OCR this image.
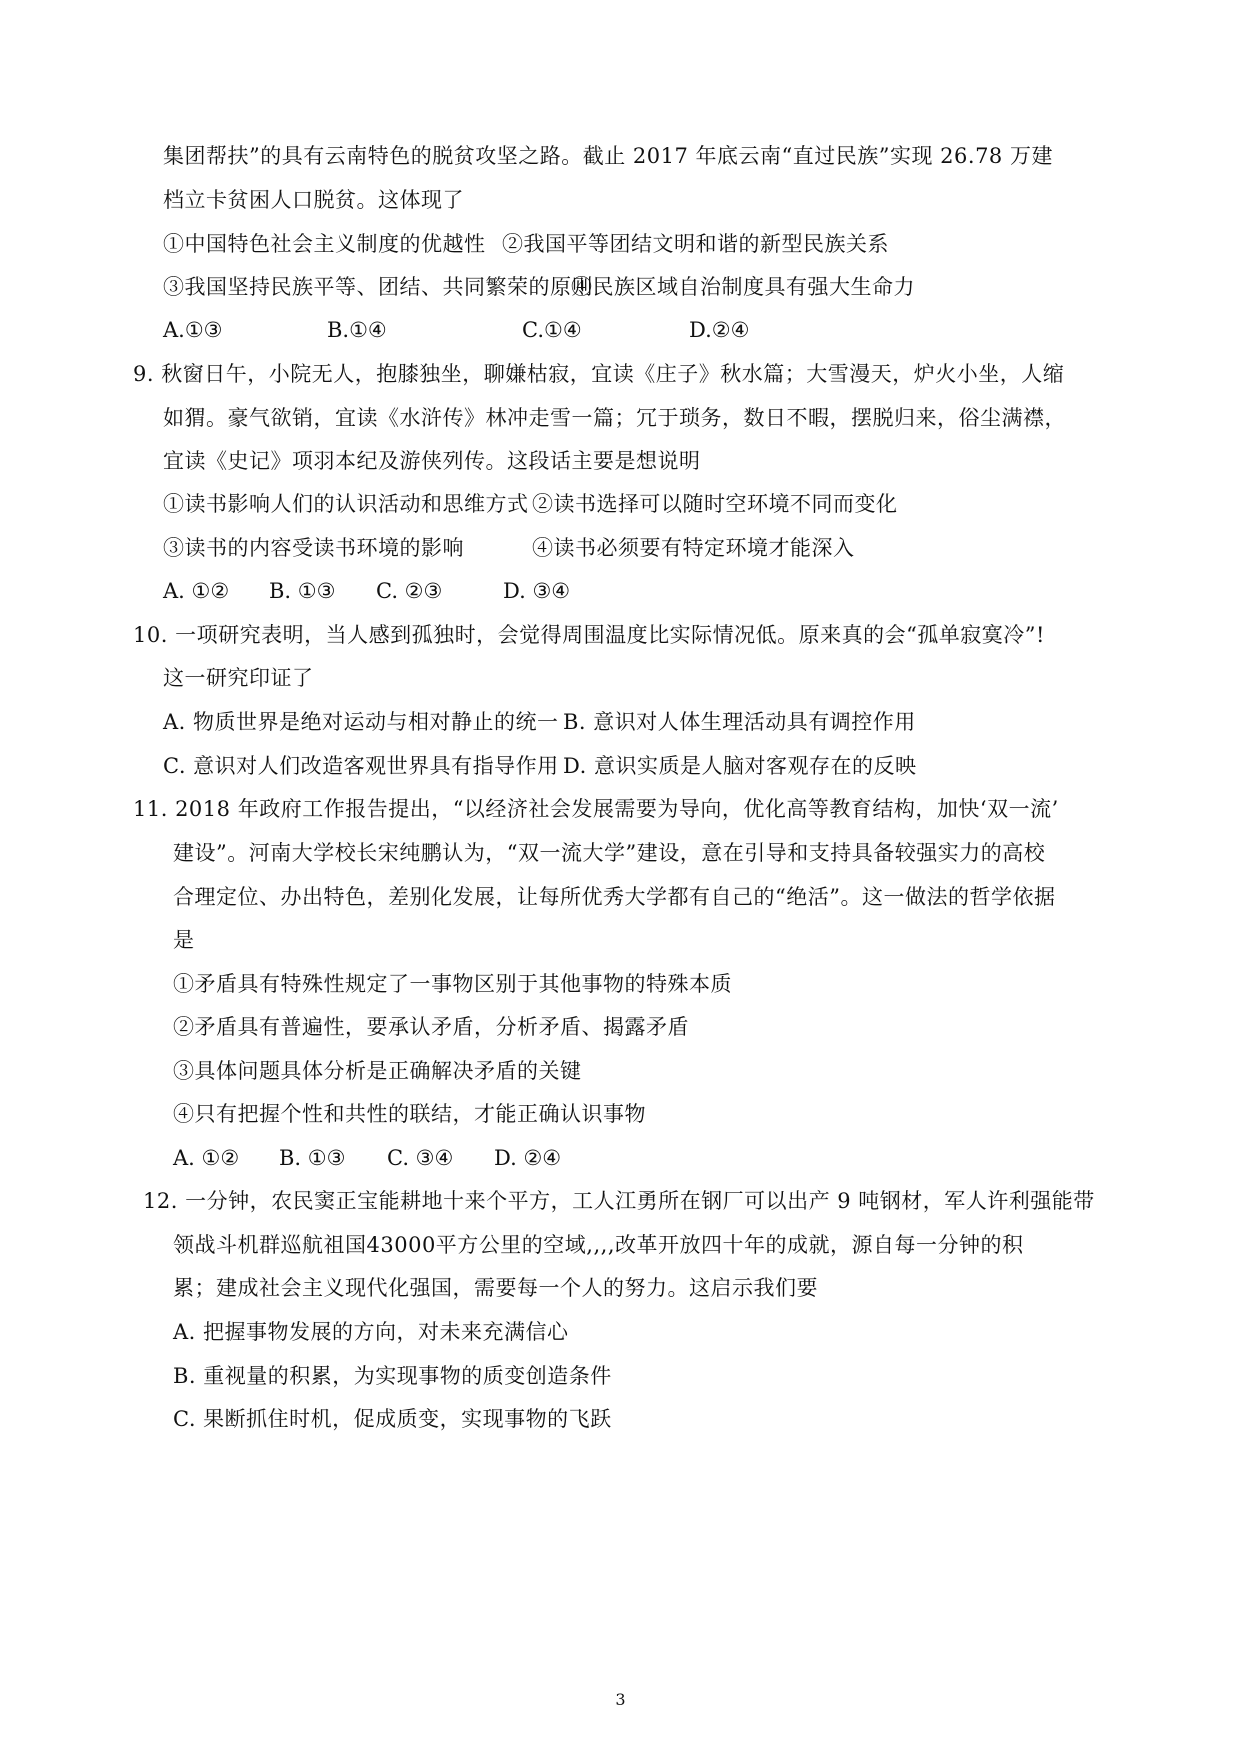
集团帮扶”的具有云南特色的脱贫攻坚之路。截止 2017 年底云南“直过民族”实现 26.78 万建
档立卡贫困人口脱贫。这体现了
①中国特色社会主义制度的优越性 ②我国平等团结文明和谐的新型民族关系
③我国坚持民族平等、团结、共同繁荣的原则
④民族区域自治制度具有强大生命力
A.①③	B.①④	C.①④	D.②④
9. 秋窗日午，小院无人，抱膝独坐，聊嫌枯寂，宜读《庄子》秋水篇；大雪漫天，炉火小坐，人缩
如猬。豪气欲销，宜读《水浒传》林冲走雪一篇；冗于琐务，数日不暇，摆脱归来，俗尘满襟，
宜读《史记》项羽本纪及游侠列传。这段话主要是想说明
①读书影响人们的认识活动和思维方式 ②读书选择可以随时空环境不同而变化
③读书的内容受读书环境的影响	④读书必须要有特定环境才能深入
A. ①② B. ①③ C. ②③	D. ③④
10. 一项研究表明，当人感到孤独时，会觉得周围温度比实际情况低。原来真的会“孤单寂寞冷”!
这一研究印证了
A. 物质世界是绝对运动与相对静止的统一 B. 意识对人体生理活动具有调控作用
C. 意识对人们改造客观世界具有指导作用 D. 意识实质是人脑对客观存在的反映
11. 2018 年政府工作报告提出，“以经济社会发展需要为导向，优化高等教育结构，加快‘双一流’
建设”。河南大学校长宋纯鹏认为，“双一流大学”建设，意在引导和支持具备较强实力的高校
合理定位、办出特色，差别化发展，让每所优秀大学都有自己的“绝活”。这一做法的哲学依据
是
①矛盾具有特殊性规定了一事物区别于其他事物的特殊本质
②矛盾具有普遍性，要承认矛盾，分析矛盾、揭露矛盾
③具体问题具体分析是正确解决矛盾的关键
④只有把握个性和共性的联结，才能正确认识事物
A. ①② B. ①③ C. ③④ D. ②④
12. 一分钟，农民窦正宝能耕地十来个平方，工人江勇所在钢厂可以出产 9 吨钢材，军人许利强能带
领战斗机群巡航祖国43000平方公里的空域,,,,改革开放四十年的成就，源自每一分钟的积
累；建成社会主义现代化强国，需要每一个人的努力。这启示我们要
A. 把握事物发展的方向，对未来充满信心
B. 重视量的积累，为实现事物的质变创造条件
C. 果断抓住时机，促成质变，实现事物的飞跃
3
